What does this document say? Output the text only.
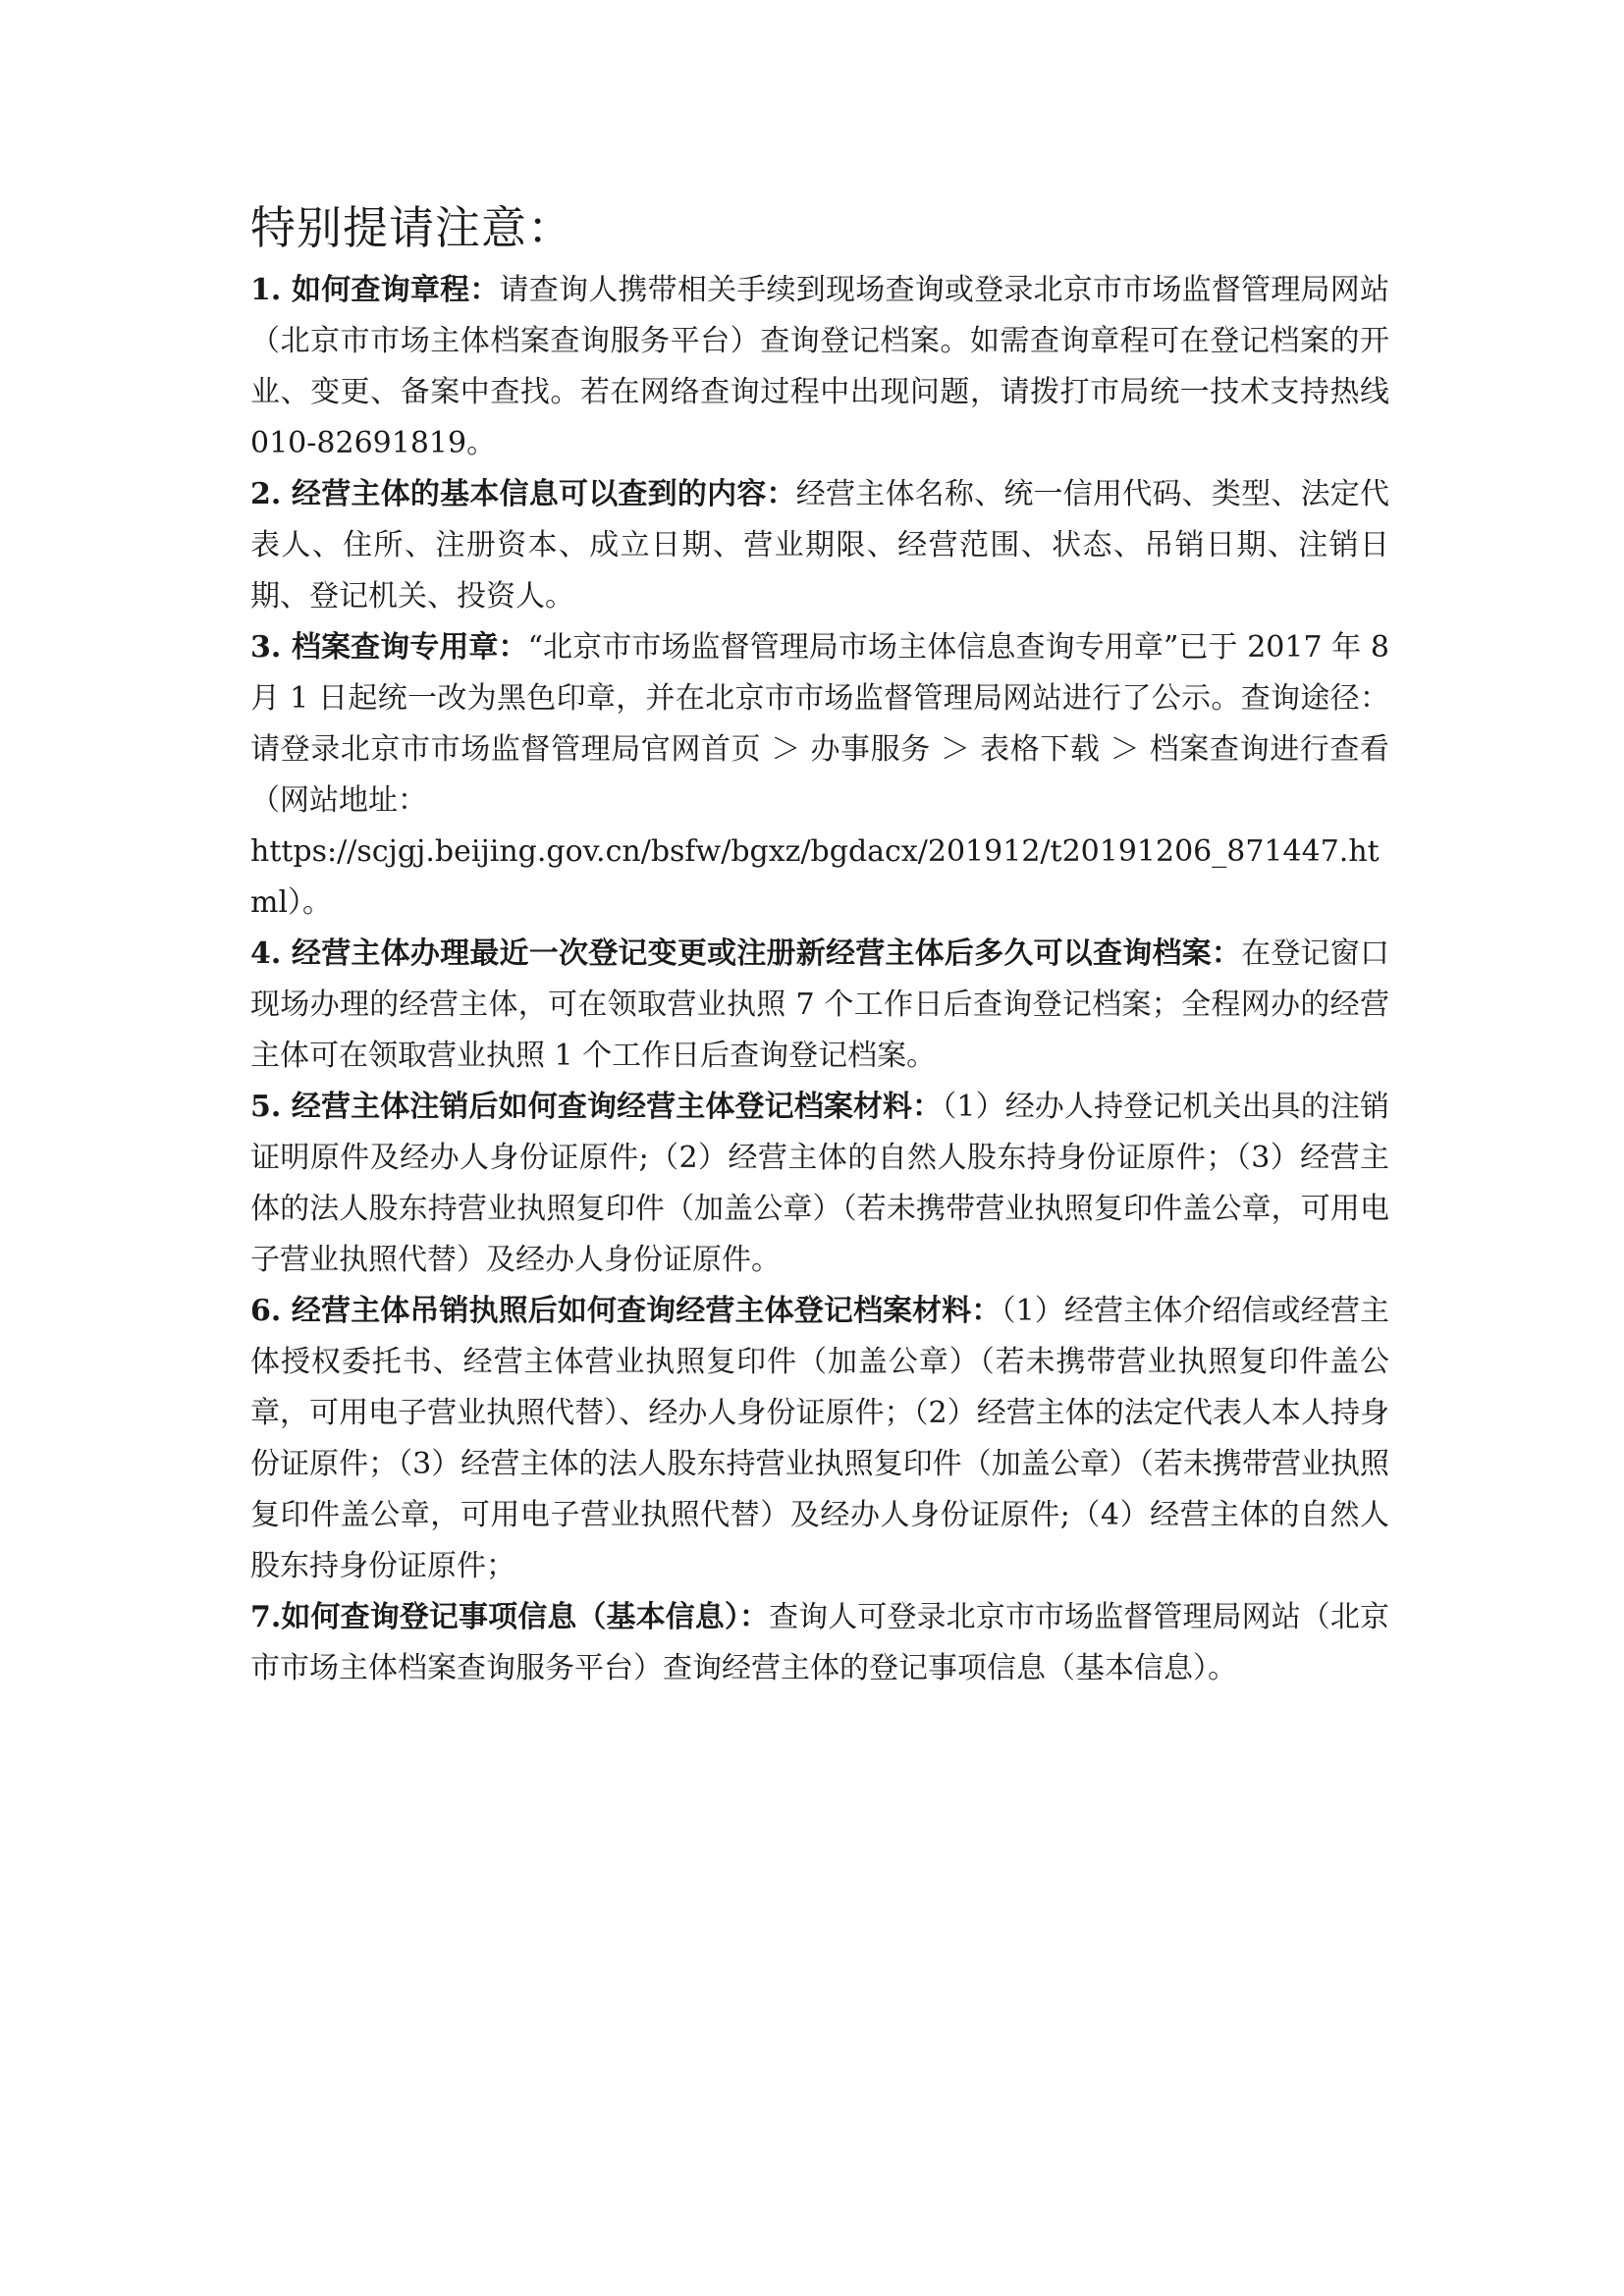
特别提请注意：

1. 如何查询章程：请查询人携带相关手续到现场查询或登录北京市市场监督管理局网站（北京市市场主体档案查询服务平台）查询登记档案。如需查询章程可在登记档案的开业、变更、备案中查找。若在网络查询过程中出现问题，请拨打市局统一技术支持热线 010-82691819。

2. 经营主体的基本信息可以查到的内容：经营主体名称、统一信用代码、类型、法定代表人、住所、注册资本、成立日期、营业期限、经营范围、状态、吊销日期、注销日期、登记机关、投资人。

3. 档案查询专用章：“北京市市场监督管理局市场主体信息查询专用章”已于 2017 年 8 月 1 日起统一改为黑色印章，并在北京市市场监督管理局网站进行了公示。查询途径：请登录北京市市场监督管理局官网首页 ＞ 办事服务 ＞ 表格下载 ＞ 档案查询进行查看（网站地址：
https://scjgj.beijing.gov.cn/bsfw/bgxz/bgdacx/201912/t20191206_871447.html）。

4. 经营主体办理最近一次登记变更或注册新经营主体后多久可以查询档案：在登记窗口现场办理的经营主体，可在领取营业执照 7 个工作日后查询登记档案；全程网办的经营主体可在领取营业执照 1 个工作日后查询登记档案。

5. 经营主体注销后如何查询经营主体登记档案材料：（1）经办人持登记机关出具的注销证明原件及经办人身份证原件;（2）经营主体的自然人股东持身份证原件；（3）经营主体的法人股东持营业执照复印件（加盖公章）（若未携带营业执照复印件盖公章，可用电子营业执照代替）及经办人身份证原件。

6. 经营主体吊销执照后如何查询经营主体登记档案材料：（1）经营主体介绍信或经营主体授权委托书、经营主体营业执照复印件（加盖公章）（若未携带营业执照复印件盖公章，可用电子营业执照代替）、经办人身份证原件；（2）经营主体的法定代表人本人持身份证原件；（3）经营主体的法人股东持营业执照复印件（加盖公章）（若未携带营业执照复印件盖公章，可用电子营业执照代替）及经办人身份证原件;（4）经营主体的自然人股东持身份证原件；

7.如何查询登记事项信息（基本信息）：查询人可登录北京市市场监督管理局网站（北京市市场主体档案查询服务平台）查询经营主体的登记事项信息（基本信息）。
